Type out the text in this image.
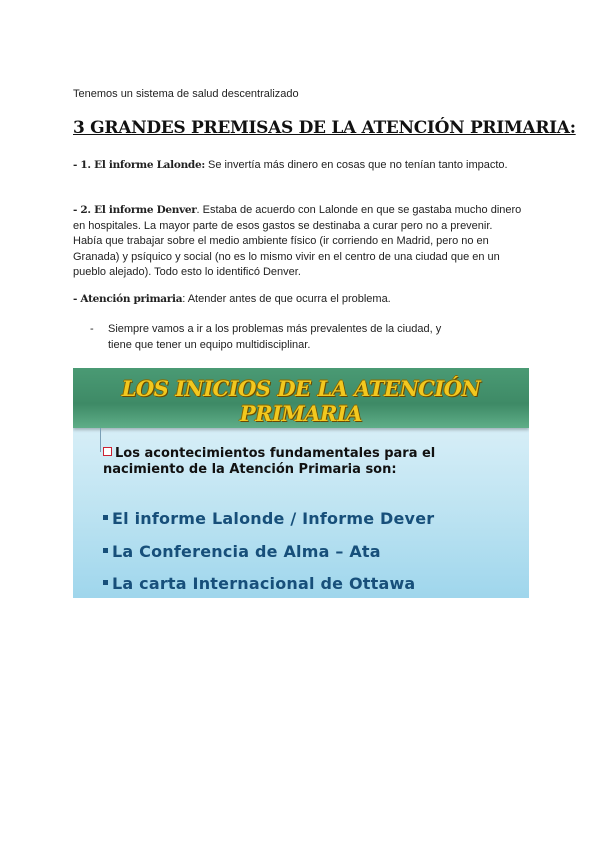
Tenemos un sistema de salud descentralizado
3 GRANDES PREMISAS DE LA ATENCIÓN PRIMARIA:

- 1. El informe Lalonde: Se invertía más dinero en cosas que no tenían tanto impacto.

- 2. El informe Denver. Estaba de acuerdo con Lalonde en que se gastaba mucho dinero en hospitales. La mayor parte de esos gastos se destinaba a curar pero no a prevenir. Había que trabajar sobre el medio ambiente físico (ir corriendo en Madrid, pero no en Granada) y psíquico y social (no es lo mismo vivir en el centro de una ciudad que en un pueblo alejado). Todo esto lo identificó Denver.

- Atención primaria: Atender antes de que ocurra el problema.

- Siempre vamos a ir a los problemas más prevalentes de la ciudad, y tiene que tener un equipo multidisciplinar.
LOS INICIOS DE LA ATENCIÓN PRIMARIA
Los acontecimientos fundamentales para el nacimiento de la Atención Primaria son:
El informe Lalonde / Informe Dever
La Conferencia de Alma – Ata
La carta Internacional de Ottawa
